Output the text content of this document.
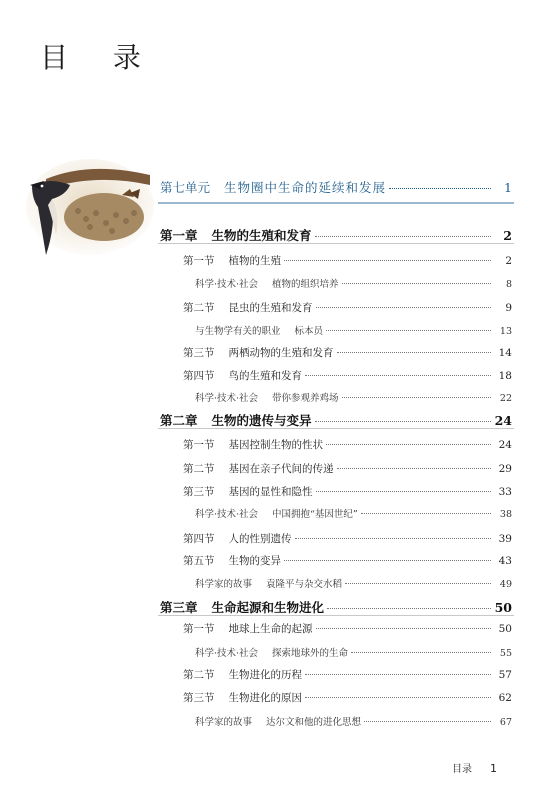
目 录
第七单元 生物圈中生命的延续和发展	1
第一章 生物的生殖和发育	2
第一节 植物的生殖	2
科学·技术·社会 植物的组织培养	8
第二节 昆虫的生殖和发育	9
与生物学有关的职业 标本员	13
第三节 两栖动物的生殖和发育	14
第四节 鸟的生殖和发育	18
科学·技术·社会 带你参观养鸡场	22
第二章 生物的遗传与变异	24
第一节 基因控制生物的性状	24
第二节 基因在亲子代间的传递	29
第三节 基因的显性和隐性	33
科学·技术·社会 中国拥抱“基因世纪”	38
第四节 人的性别遗传	39
第五节 生物的变异	43
科学家的故事 袁隆平与杂交水稻	49
第三章 生命起源和生物进化	50
第一节 地球上生命的起源	50
科学·技术·社会 探索地球外的生命	55
第二节 生物进化的历程	57
第三节 生物进化的原因	62
科学家的故事 达尔文和他的进化思想	67
目录 1
